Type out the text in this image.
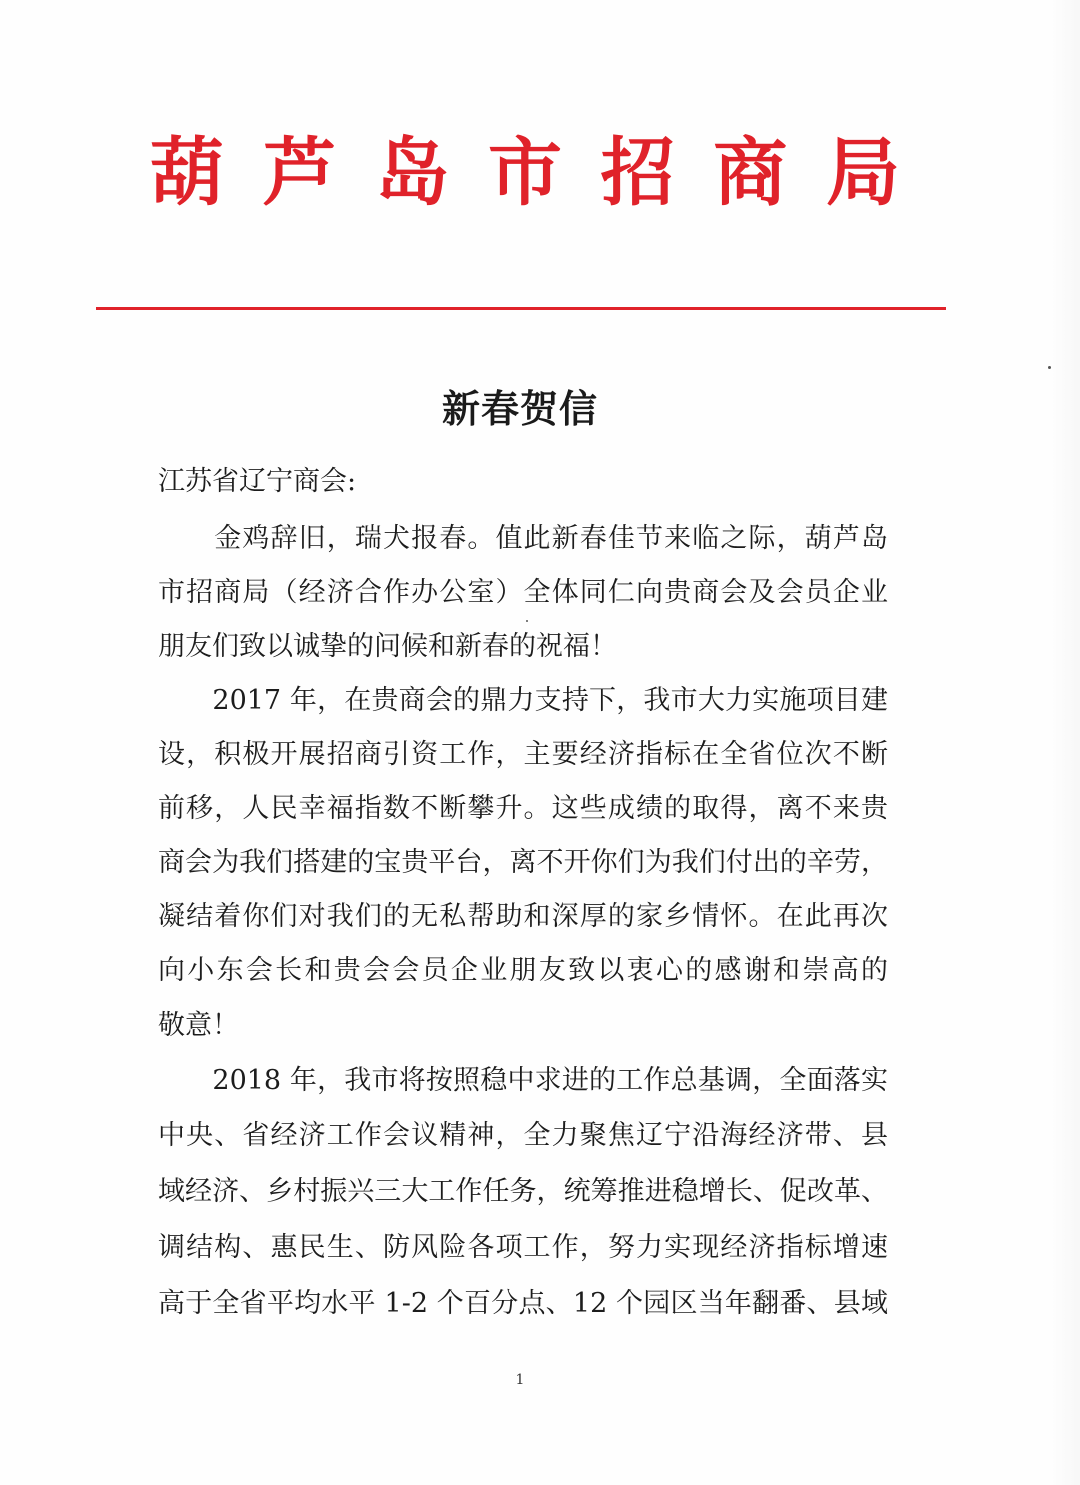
葫 芦 岛 市 招 商 局
新春贺信
江苏省辽宁商会:
　　金鸡辞旧，瑞犬报春。值此新春佳节来临之际，葫芦岛
市招商局（经济合作办公室）全体同仁向贵商会及会员企业
朋友们致以诚挚的问候和新春的祝福！
　　2017 年，在贵商会的鼎力支持下，我市大力实施项目建
设，积极开展招商引资工作，主要经济指标在全省位次不断
前移，人民幸福指数不断攀升。这些成绩的取得，离不来贵
商会为我们搭建的宝贵平台，离不开你们为我们付出的辛劳，
凝结着你们对我们的无私帮助和深厚的家乡情怀。在此再次
向小东会长和贵会会员企业朋友致以衷心的感谢和崇高的
敬意！
　　2018 年，我市将按照稳中求进的工作总基调，全面落实
中央、省经济工作会议精神，全力聚焦辽宁沿海经济带、县
域经济、乡村振兴三大工作任务，统筹推进稳增长、促改革、
调结构、惠民生、防风险各项工作，努力实现经济指标增速
高于全省平均水平 1-2 个百分点、12 个园区当年翻番、县域
1
